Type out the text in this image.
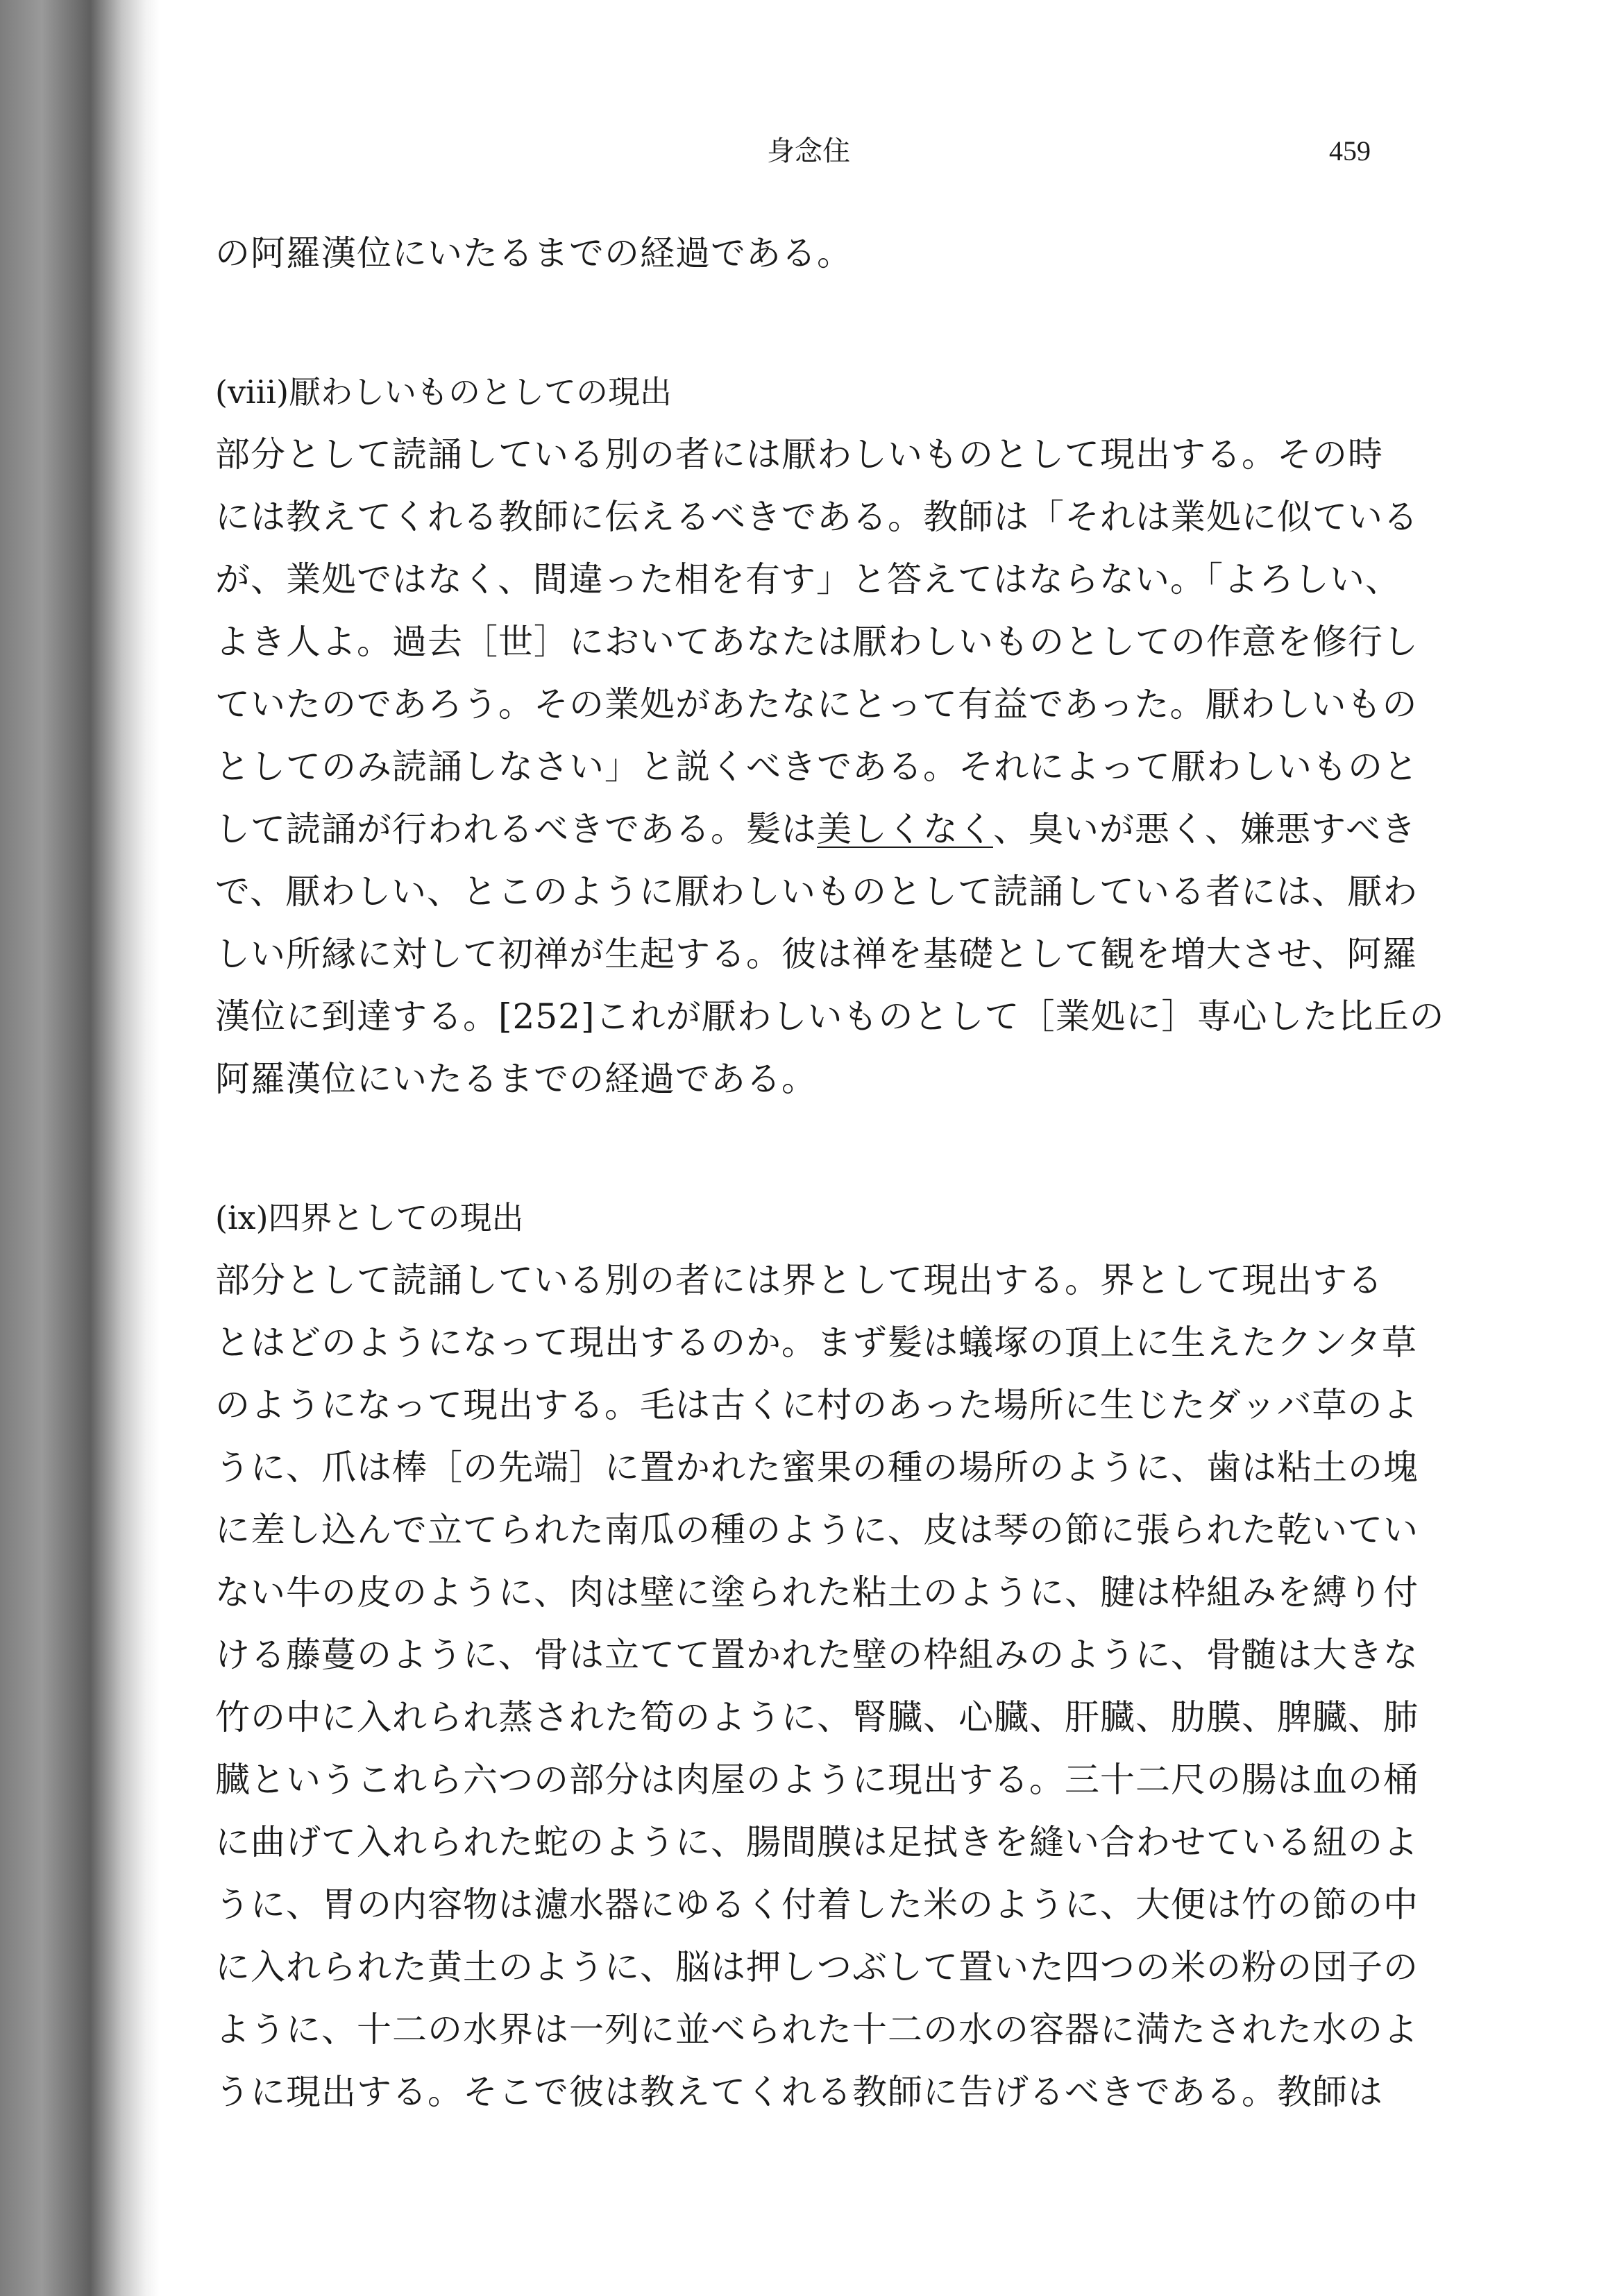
身念住	459
の阿羅漢位にいたるまでの経過である。
(viii)厭わしいものとしての現出
部分として読誦している別の者には厭わしいものとして現出する。その時
には教えてくれる教師に伝えるべきである。教師は「それは業処に似ている
が、業処ではなく、間違った相を有す」と答えてはならない。「よろしい、
よき人よ。過去［世］においてあなたは厭わしいものとしての作意を修行し
ていたのであろう。その業処があたなにとって有益であった。厭わしいもの
としてのみ読誦しなさい」と説くべきである。それによって厭わしいものと
して読誦が行われるべきである。髪は美しくなく、臭いが悪く、嫌悪すべき
で、厭わしい、とこのように厭わしいものとして読誦している者には、厭わ
しい所縁に対して初禅が生起する。彼は禅を基礎として観を増大させ、阿羅
漢位に到達する。[252]これが厭わしいものとして［業処に］専心した比丘の
阿羅漢位にいたるまでの経過である。
(ix)四界としての現出
部分として読誦している別の者には界として現出する。界として現出する
とはどのようになって現出するのか。まず髪は蟻塚の頂上に生えたクンタ草
のようになって現出する。毛は古くに村のあった場所に生じたダッバ草のよ
うに、爪は棒［の先端］に置かれた蜜果の種の場所のように、歯は粘土の塊
に差し込んで立てられた南瓜の種のように、皮は琴の節に張られた乾いてい
ない牛の皮のように、肉は壁に塗られた粘土のように、腱は枠組みを縛り付
ける藤蔓のように、骨は立てて置かれた壁の枠組みのように、骨髄は大きな
竹の中に入れられ蒸された筍のように、腎臓、心臓、肝臓、肋膜、脾臓、肺
臓というこれら六つの部分は肉屋のように現出する。三十二尺の腸は血の桶
に曲げて入れられた蛇のように、腸間膜は足拭きを縫い合わせている紐のよ
うに、胃の内容物は濾水器にゆるく付着した米のように、大便は竹の節の中
に入れられた黄土のように、脳は押しつぶして置いた四つの米の粉の団子の
ように、十二の水界は一列に並べられた十二の水の容器に満たされた水のよ
うに現出する。そこで彼は教えてくれる教師に告げるべきである。教師は
